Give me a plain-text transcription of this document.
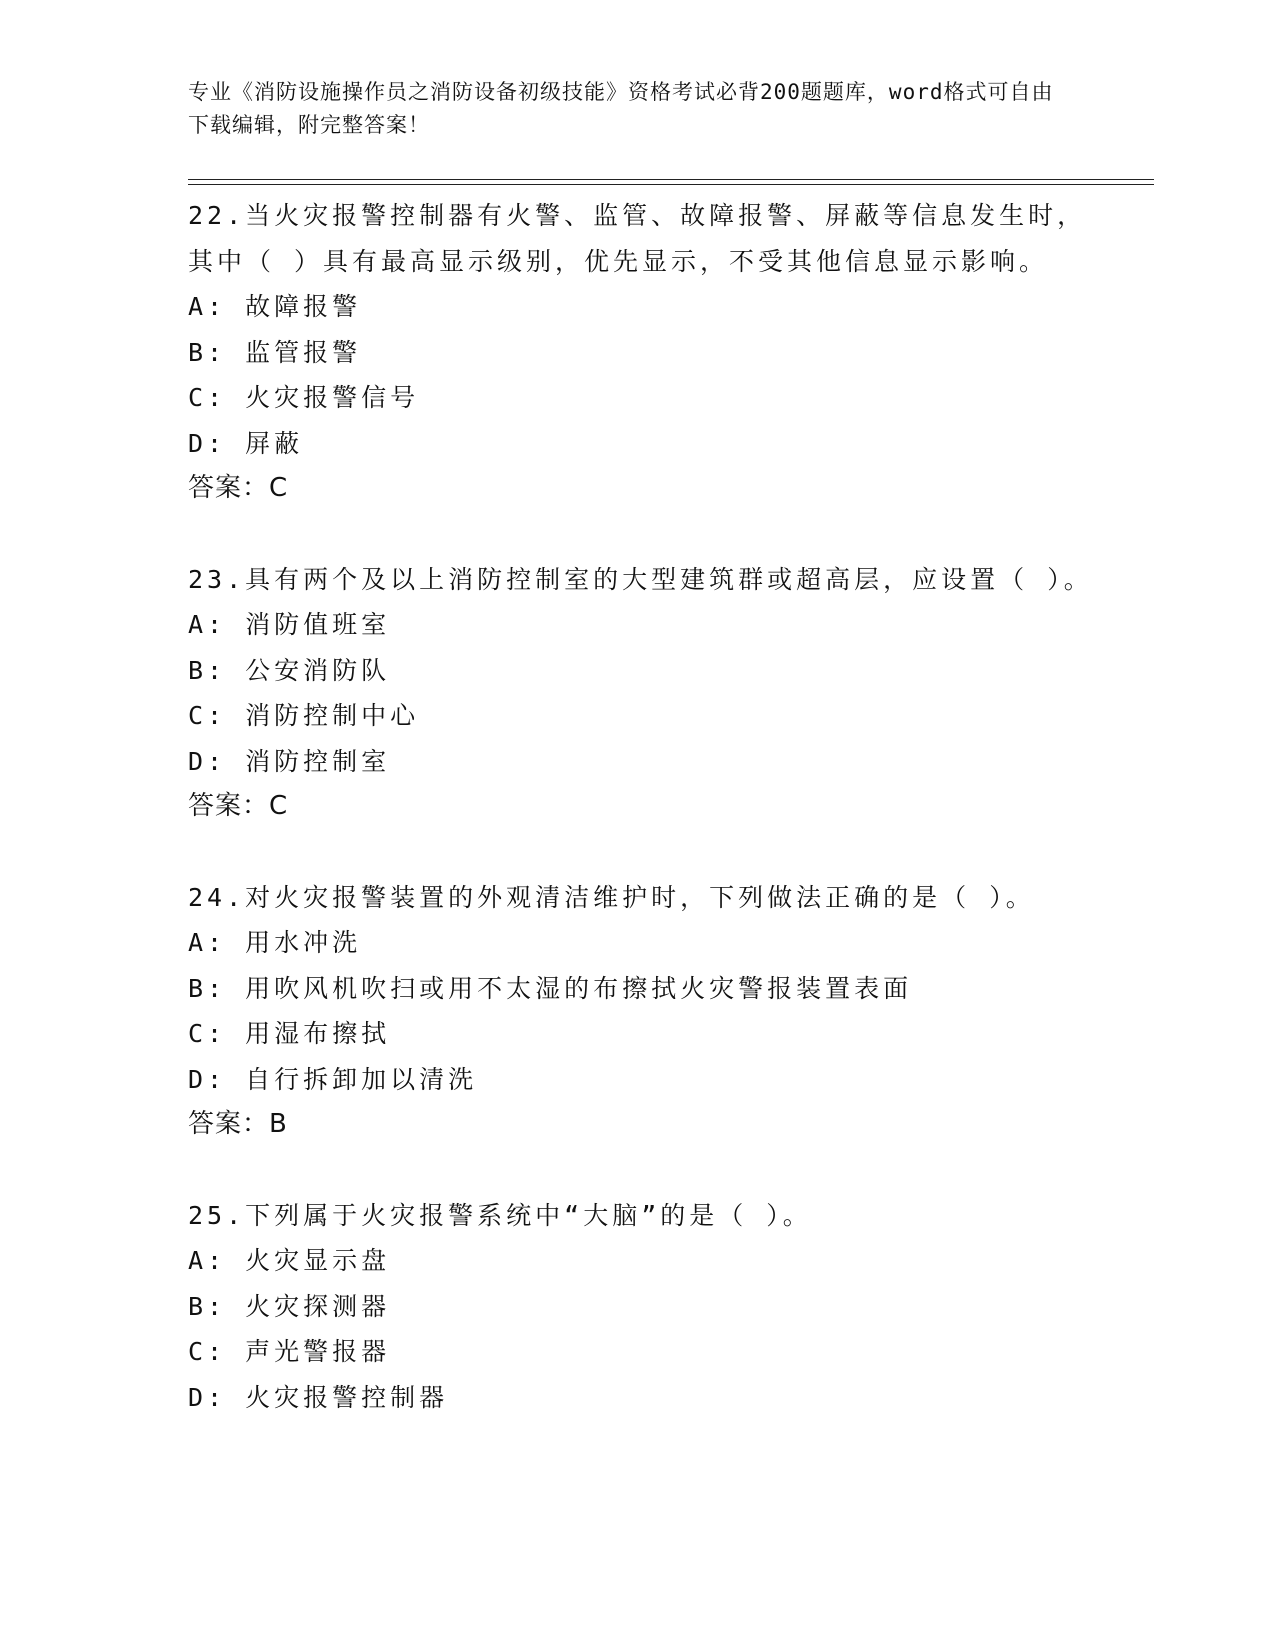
专业《消防设施操作员之消防设备初级技能》资格考试必背200题题库，word格式可自由下载编辑，附完整答案！
22.当火灾报警控制器有火警、监管、故障报警、屏蔽等信息发生时，其中（ ）具有最高显示级别，优先显示，不受其他信息显示影响。
A: 故障报警
B: 监管报警
C: 火灾报警信号
D: 屏蔽
答案：C
23.具有两个及以上消防控制室的大型建筑群或超高层，应设置（ ）。
A: 消防值班室
B: 公安消防队
C: 消防控制中心
D: 消防控制室
答案：C
24.对火灾报警装置的外观清洁维护时，下列做法正确的是（ ）。
A: 用水冲洗
B: 用吹风机吹扫或用不太湿的布擦拭火灾警报装置表面
C: 用湿布擦拭
D: 自行拆卸加以清洗
答案：B
25.下列属于火灾报警系统中“大脑”的是（ ）。
A: 火灾显示盘
B: 火灾探测器
C: 声光警报器
D: 火灾报警控制器
